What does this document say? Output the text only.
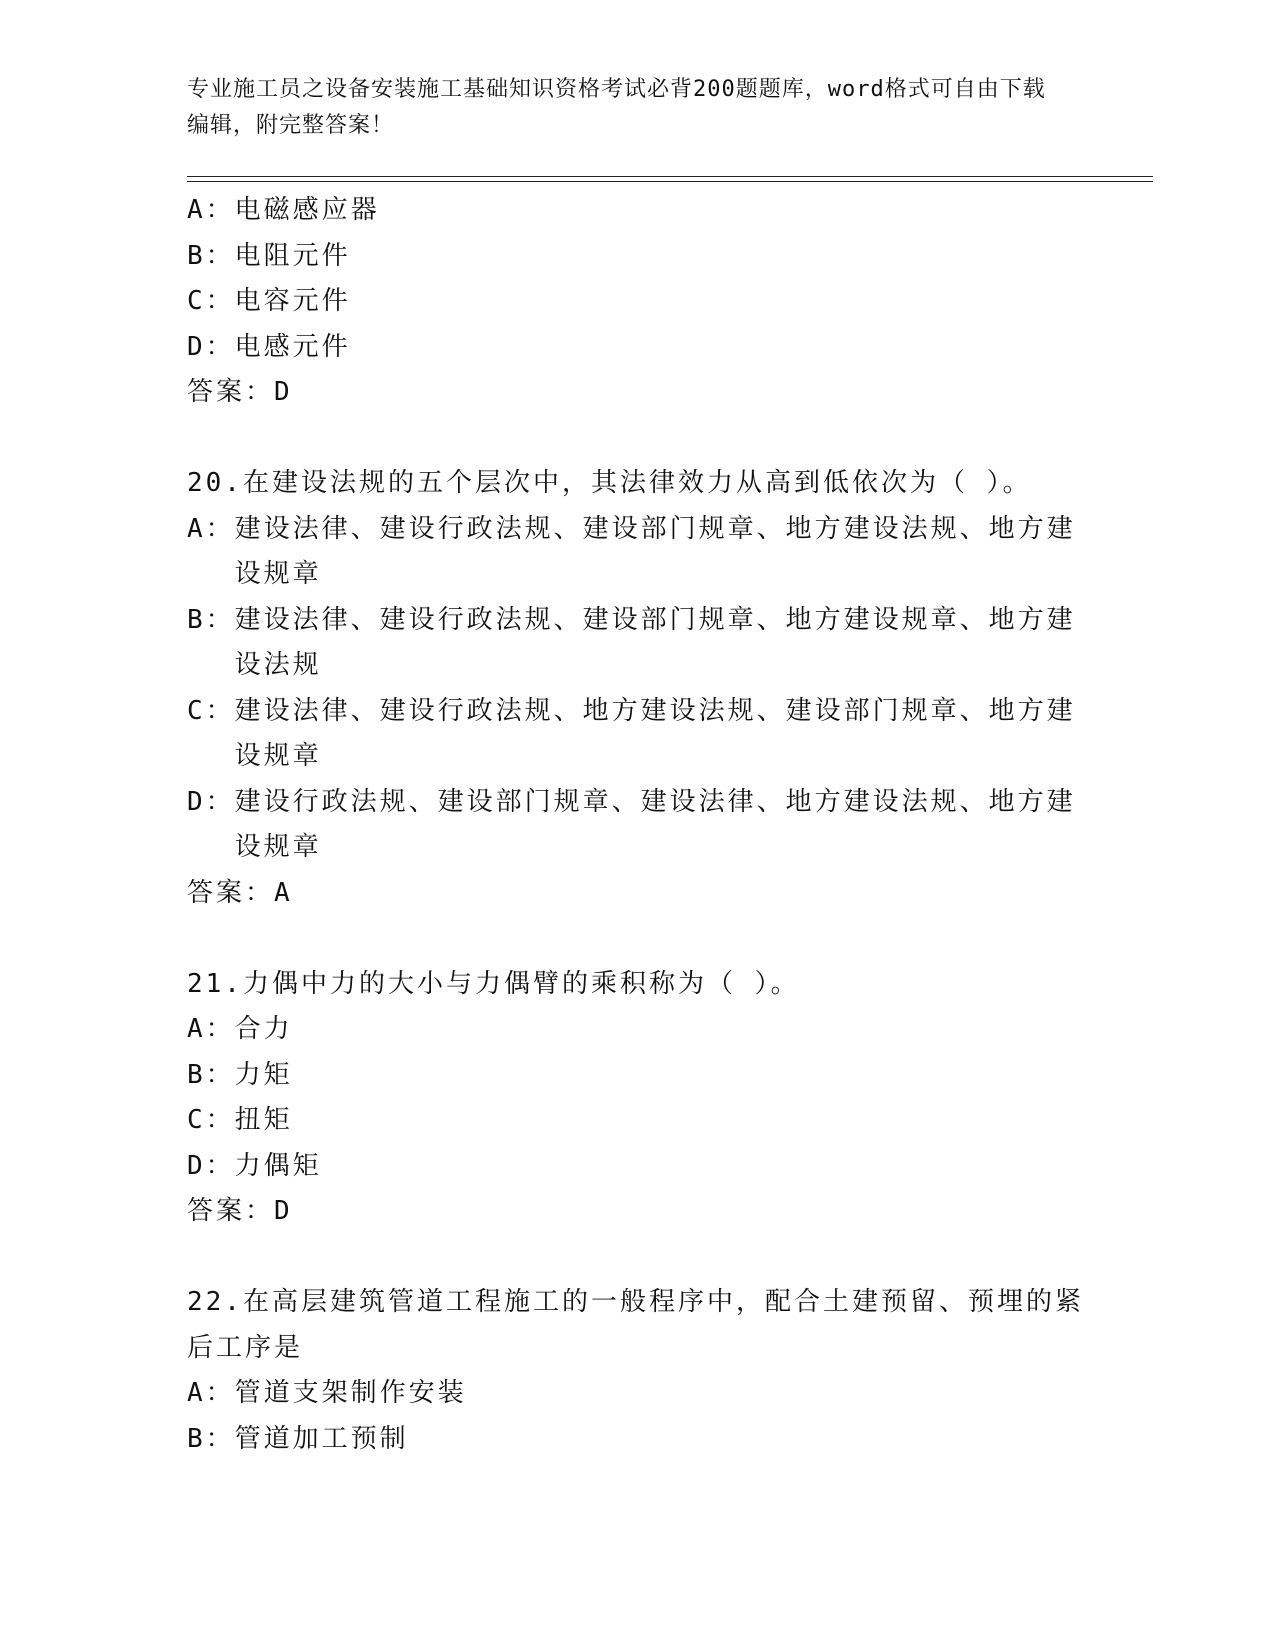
专业施工员之设备安装施工基础知识资格考试必背200题题库，word格式可自由下载编辑，附完整答案！
A： 电磁感应器
B： 电阻元件
C： 电容元件
D： 电感元件
答案：D
20.在建设法规的五个层次中，其法律效力从高到低依次为（ ）。
A： 建设法律、建设行政法规、建设部门规章、地方建设法规、地方建设规章
B： 建设法律、建设行政法规、建设部门规章、地方建设规章、地方建设法规
C： 建设法律、建设行政法规、地方建设法规、建设部门规章、地方建设规章
D： 建设行政法规、建设部门规章、建设法律、地方建设法规、地方建设规章
答案：A
21.力偶中力的大小与力偶臂的乘积称为（ ）。
A： 合力
B： 力矩
C： 扭矩
D： 力偶矩
答案：D
22.在高层建筑管道工程施工的一般程序中，配合土建预留、预埋的紧后工序是
A： 管道支架制作安装
B： 管道加工预制
